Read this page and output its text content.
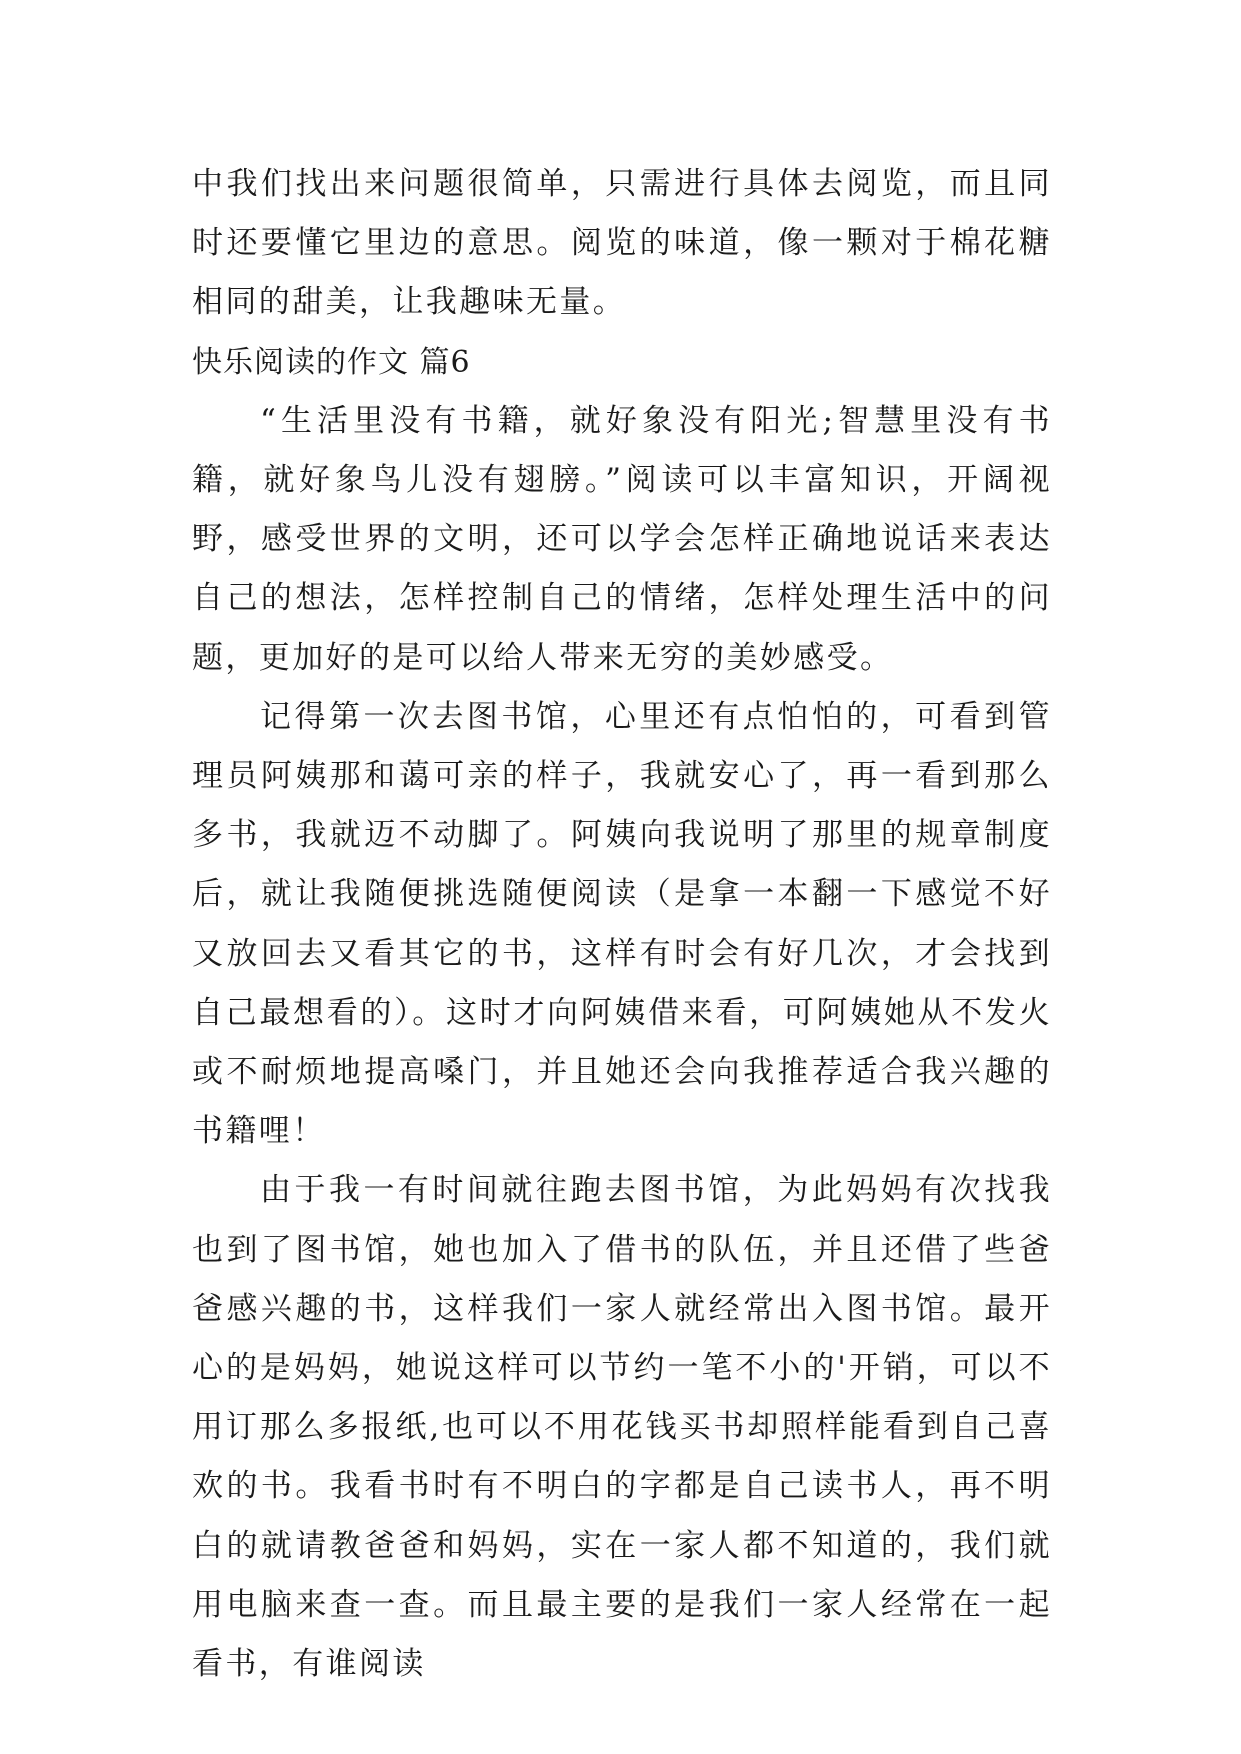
中我们找出来问题很简单，只需进行具体去阅览，而且同时还要懂它里边的意思。阅览的味道，像一颗对于棉花糖相同的甜美，让我趣味无量。

快乐阅读的作文 篇6

“生活里没有书籍，就好象没有阳光;智慧里没有书籍，就好象鸟儿没有翅膀。”阅读可以丰富知识，开阔视野，感受世界的文明，还可以学会怎样正确地说话来表达自己的想法，怎样控制自己的情绪，怎样处理生活中的问题，更加好的是可以给人带来无穷的美妙感受。

记得第一次去图书馆，心里还有点怕怕的，可看到管理员阿姨那和蔼可亲的样子，我就安心了，再一看到那么多书，我就迈不动脚了。阿姨向我说明了那里的规章制度后，就让我随便挑选随便阅读（是拿一本翻一下感觉不好又放回去又看其它的书，这样有时会有好几次，才会找到自己最想看的）。这时才向阿姨借来看，可阿姨她从不发火或不耐烦地提高嗓门，并且她还会向我推荐适合我兴趣的书籍哩！

由于我一有时间就往跑去图书馆，为此妈妈有次找我也到了图书馆，她也加入了借书的队伍，并且还借了些爸爸感兴趣的书，这样我们一家人就经常出入图书馆。最开心的是妈妈，她说这样可以节约一笔不小的'开销，可以不用订那么多报纸,也可以不用花钱买书却照样能看到自己喜欢的书。我看书时有不明白的字都是自己读书人，再不明白的就请教爸爸和妈妈，实在一家人都不知道的，我们就用电脑来查一查。而且最主要的是我们一家人经常在一起看书，有谁阅读
